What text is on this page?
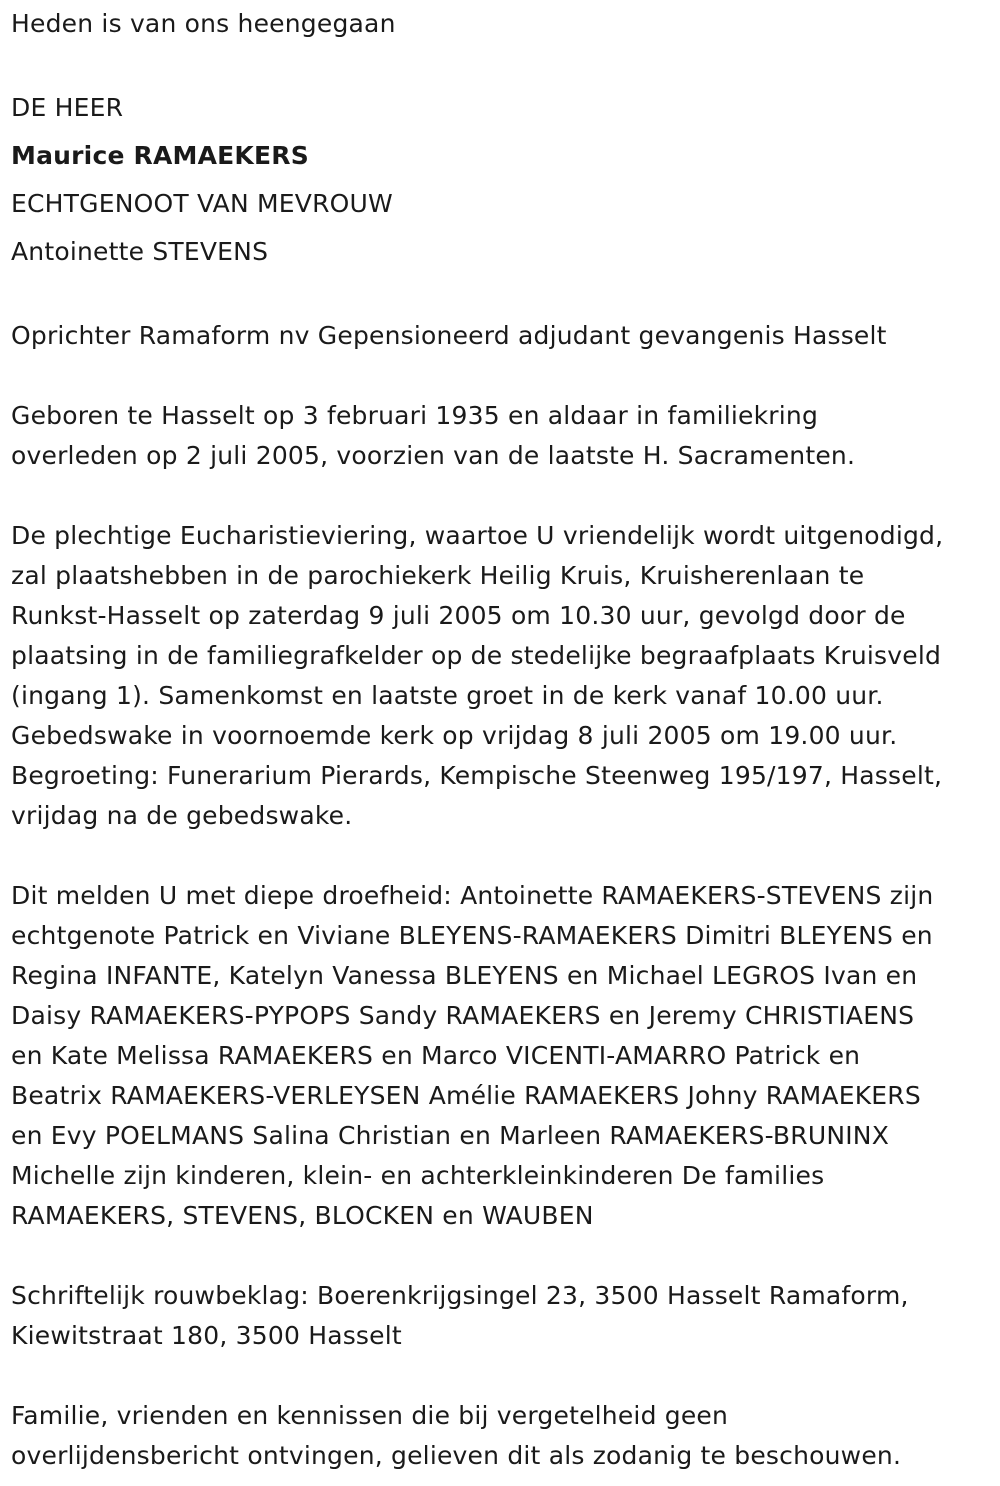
Heden is van ons heengegaan

DE HEER

Maurice RAMAEKERS

ECHTGENOOT VAN MEVROUW

Antoinette STEVENS

Oprichter Ramaform nv Gepensioneerd adjudant gevangenis Hasselt

Geboren te Hasselt op 3 februari 1935 en aldaar in familiekring

overleden op 2 juli 2005, voorzien van de laatste H. Sacramenten.

De plechtige Eucharistieviering, waartoe U vriendelijk wordt uitgenodigd,

zal plaatshebben in de parochiekerk Heilig Kruis, Kruisherenlaan te

Runkst-Hasselt op zaterdag 9 juli 2005 om 10.30 uur, gevolgd door de

plaatsing in de familiegrafkelder op de stedelijke begraafplaats Kruisveld

(ingang 1). Samenkomst en laatste groet in de kerk vanaf 10.00 uur.

Gebedswake in voornoemde kerk op vrijdag 8 juli 2005 om 19.00 uur.

Begroeting: Funerarium Pierards, Kempische Steenweg 195/197, Hasselt,

vrijdag na de gebedswake.

Dit melden U met diepe droefheid: Antoinette RAMAEKERS-STEVENS zijn

echtgenote Patrick en Viviane BLEYENS-RAMAEKERS Dimitri BLEYENS en

Regina INFANTE, Katelyn Vanessa BLEYENS en Michael LEGROS Ivan en

Daisy RAMAEKERS-PYPOPS Sandy RAMAEKERS en Jeremy CHRISTIAENS

en Kate Melissa RAMAEKERS en Marco VICENTI-AMARRO Patrick en

Beatrix RAMAEKERS-VERLEYSEN Amélie RAMAEKERS Johny RAMAEKERS

en Evy POELMANS Salina Christian en Marleen RAMAEKERS-BRUNINX

Michelle zijn kinderen, klein- en achterkleinkinderen De families

RAMAEKERS, STEVENS, BLOCKEN en WAUBEN

Schriftelijk rouwbeklag: Boerenkrijgsingel 23, 3500 Hasselt Ramaform,

Kiewitstraat 180, 3500 Hasselt

Familie, vrienden en kennissen die bij vergetelheid geen

overlijdensbericht ontvingen, gelieven dit als zodanig te beschouwen.
